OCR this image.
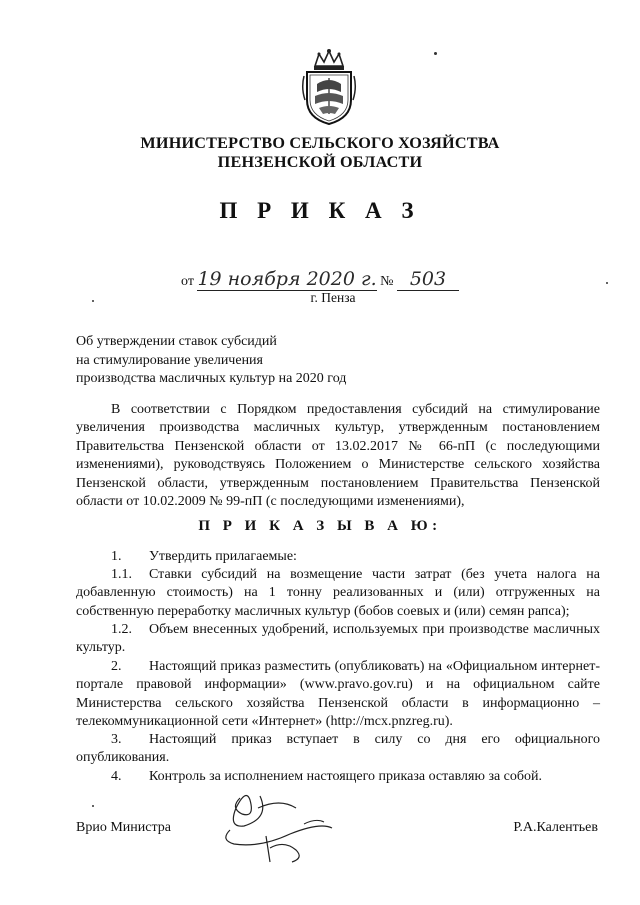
МИНИСТЕРСТВО СЕЛЬСКОГО ХОЗЯЙСТВА
ПЕНЗЕНСКОЙ ОБЛАСТИ
П Р И К А З
от 19 ноября 2020 г. № 503
г. Пенза
Об утверждении ставок субсидий
на стимулирование увеличения
производства масличных культур на 2020 год
В соответствии с Порядком предоставления субсидий на стимулирование увеличения производства масличных культур, утвержденным постановлением Правительства Пензенской области от 13.02.2017 № 66-пП (с последующими изменениями), руководствуясь Положением о Министерстве сельского хозяйства Пензенской области, утвержденным постановлением Правительства Пензенской области от 10.02.2009 № 99-пП (с последующими изменениями),
П Р И К А З Ы В А Ю:
1. Утвердить прилагаемые:
1.1. Ставки субсидий на возмещение части затрат (без учета налога на добавленную стоимость) на 1 тонну реализованных и (или) отгруженных на собственную переработку масличных культур (бобов соевых и (или) семян рапса);
1.2. Объем внесенных удобрений, используемых при производстве масличных культур.
2. Настоящий приказ разместить (опубликовать) на «Официальном интернет-портале правовой информации» (www.pravo.gov.ru) и на официальном сайте Министерства сельского хозяйства Пензенской области в информационно – телекоммуникационной сети «Интернет» (http://mcx.pnzreg.ru).
3. Настоящий приказ вступает в силу со дня его официального опубликования.
4. Контроль за исполнением настоящего приказа оставляю за собой.
Врио Министра	Р.А.Калентьев
